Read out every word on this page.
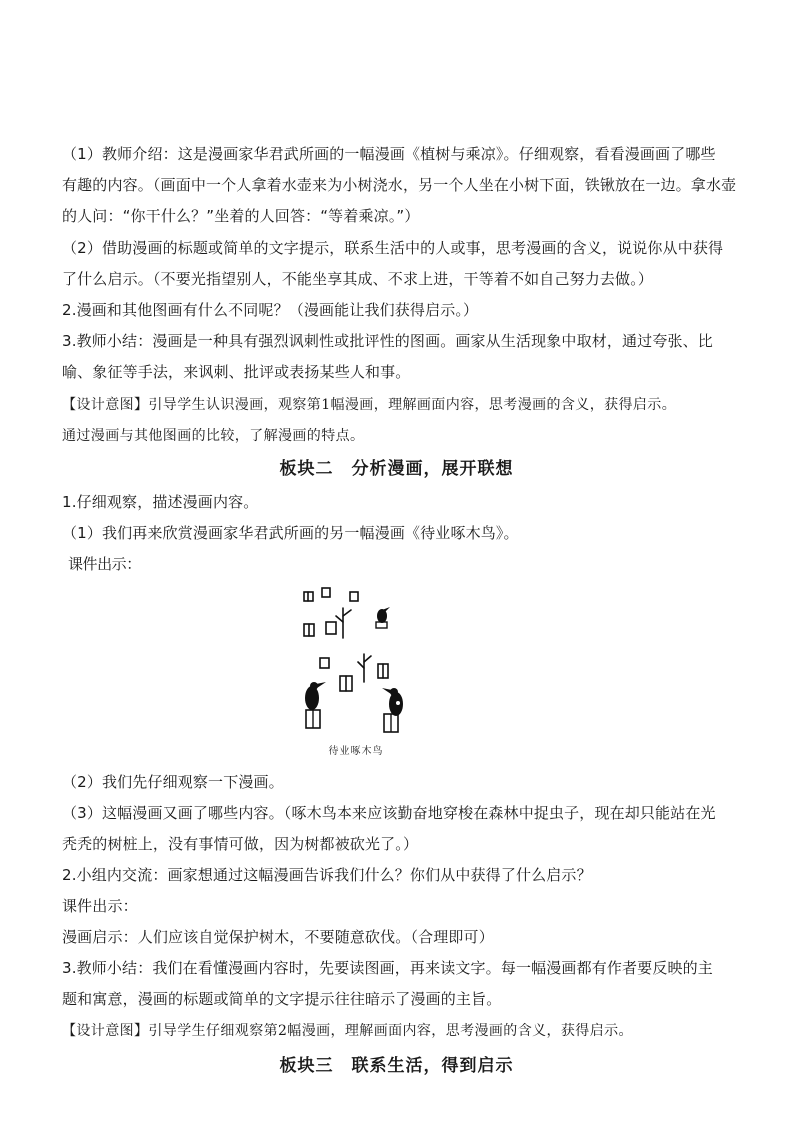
（1）教师介绍：这是漫画家华君武所画的一幅漫画《植树与乘凉》。仔细观察，看看漫画画了哪些
有趣的内容。（画面中一个人拿着水壶来为小树浇水，另一个人坐在小树下面，铁锹放在一边。拿水壶
的人问：“你干什么？”坐着的人回答：“等着乘凉。”）
（2）借助漫画的标题或简单的文字提示，联系生活中的人或事，思考漫画的含义，说说你从中获得
了什么启示。（不要光指望别人，不能坐享其成、不求上进，干等着不如自己努力去做。）
2.漫画和其他图画有什么不同呢？（漫画能让我们获得启示。）
3.教师小结：漫画是一种具有强烈讽刺性或批评性的图画。画家从生活现象中取材，通过夸张、比
喻、象征等手法，来讽刺、批评或表扬某些人和事。
【设计意图】引导学生认识漫画，观察第1幅漫画，理解画面内容，思考漫画的含义，获得启示。
通过漫画与其他图画的比较，了解漫画的特点。
板块二　分析漫画，展开联想
1.仔细观察，描述漫画内容。
（1）我们再来欣赏漫画家华君武所画的另一幅漫画《待业啄木鸟》。
课件出示：
待业啄木鸟
（2）我们先仔细观察一下漫画。
（3）这幅漫画又画了哪些内容。（啄木鸟本来应该勤奋地穿梭在森林中捉虫子，现在却只能站在光
秃秃的树桩上，没有事情可做，因为树都被砍光了。）
2.小组内交流：画家想通过这幅漫画告诉我们什么？你们从中获得了什么启示？
课件出示：
漫画启示：人们应该自觉保护树木，不要随意砍伐。（合理即可）
3.教师小结：我们在看懂漫画内容时，先要读图画，再来读文字。每一幅漫画都有作者要反映的主
题和寓意，漫画的标题或简单的文字提示往往暗示了漫画的主旨。
【设计意图】引导学生仔细观察第2幅漫画，理解画面内容，思考漫画的含义，获得启示。
板块三　联系生活，得到启示
